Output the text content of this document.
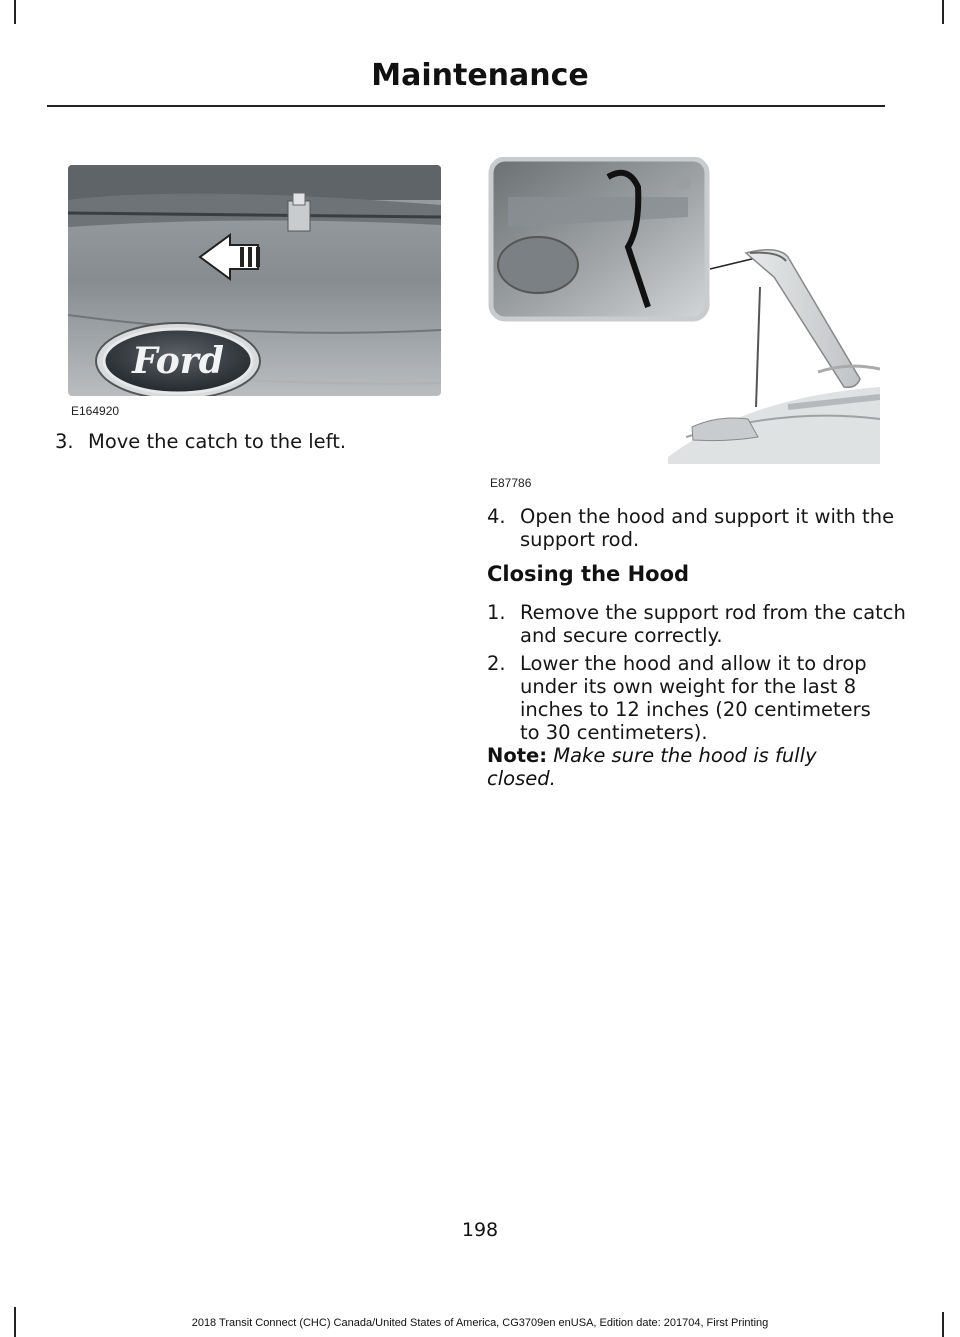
Maintenance
Ford
E164920
3. Move the catch to the left.
E87786
4. Open the hood and support it with the
support rod.
Closing the Hood
1. Remove the support rod from the catch
and secure correctly.
2. Lower the hood and allow it to drop
under its own weight for the last 8
inches to 12 inches (20 centimeters
to 30 centimeters).
Note: Make sure the hood is fully closed.
198
2018 Transit Connect (CHC) Canada/United States of America, CG3709en enUSA, Edition date: 201704, First Printing
